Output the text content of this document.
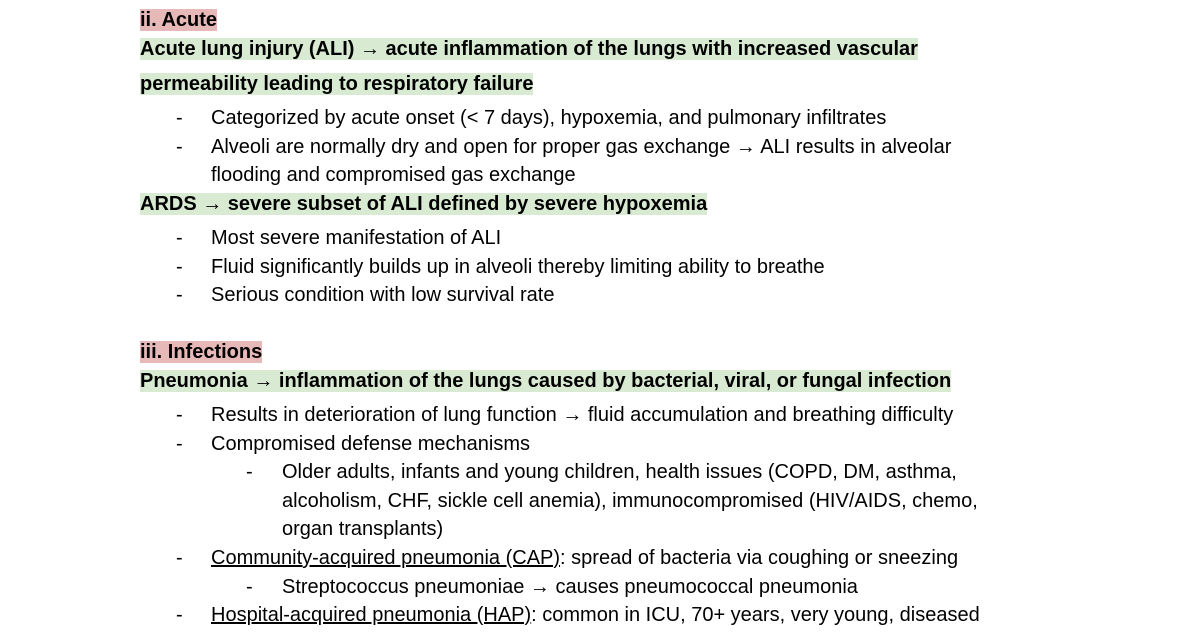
ii. Acute
Acute lung injury (ALI) → acute inflammation of the lungs with increased vascular
permeability leading to respiratory failure
- Categorized by acute onset (< 7 days), hypoxemia, and pulmonary infiltrates
- Alveoli are normally dry and open for proper gas exchange → ALI results in alveolar
flooding and compromised gas exchange
ARDS → severe subset of ALI defined by severe hypoxemia
- Most severe manifestation of ALI
- Fluid significantly builds up in alveoli thereby limiting ability to breathe
- Serious condition with low survival rate
iii. Infections
Pneumonia → inflammation of the lungs caused by bacterial, viral, or fungal infection
- Results in deterioration of lung function → fluid accumulation and breathing difficulty
- Compromised defense mechanisms
- Older adults, infants and young children, health issues (COPD, DM, asthma,
alcoholism, CHF, sickle cell anemia), immunocompromised (HIV/AIDS, chemo,
organ transplants)
- Community-acquired pneumonia (CAP): spread of bacteria via coughing or sneezing
- Streptococcus pneumoniae → causes pneumococcal pneumonia
- Hospital-acquired pneumonia (HAP): common in ICU, 70+ years, very young, diseased
